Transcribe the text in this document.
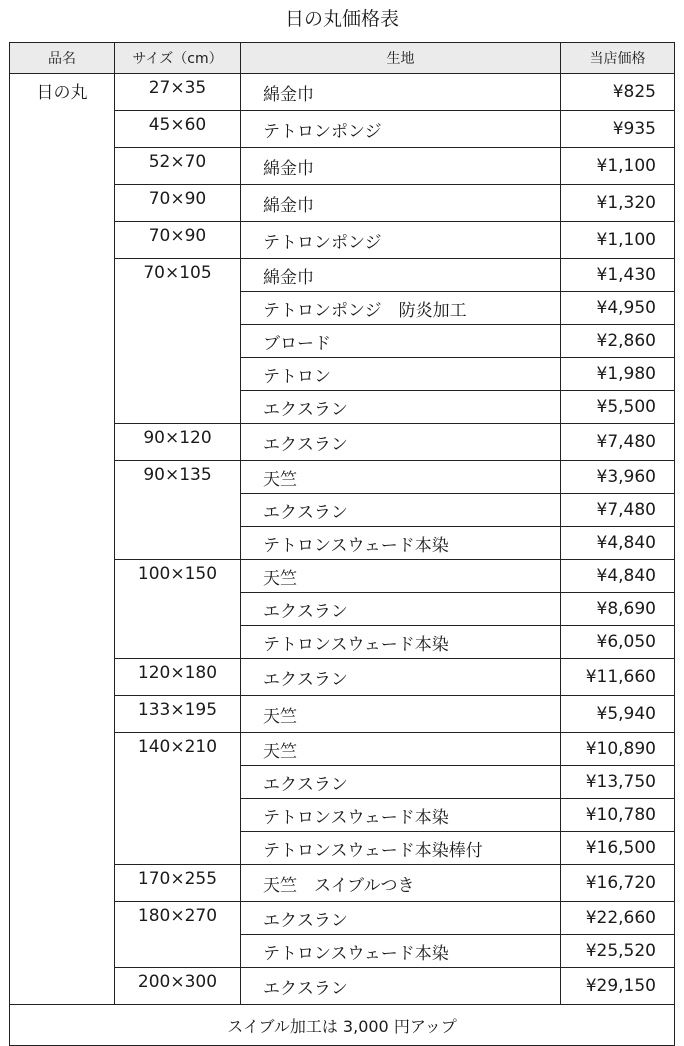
日の丸価格表
品名	サイズ（cm）	生地	当店価格
日の丸	27×35	綿金巾	¥825
	45×60	テトロンポンジ	¥935
	52×70	綿金巾	¥1,100
	70×90	綿金巾	¥1,320
	70×90	テトロンポンジ	¥1,100
	70×105	綿金巾	¥1,430
		テトロンポンジ　防炎加工	¥4,950
		ブロード	¥2,860
		テトロン	¥1,980
		エクスラン	¥5,500
	90×120	エクスラン	¥7,480
	90×135	天竺	¥3,960
		エクスラン	¥7,480
		テトロンスウェード本染	¥4,840
	100×150	天竺	¥4,840
		エクスラン	¥8,690
		テトロンスウェード本染	¥6,050
	120×180	エクスラン	¥11,660
	133×195	天竺	¥5,940
	140×210	天竺	¥10,890
		エクスラン	¥13,750
		テトロンスウェード本染	¥10,780
		テトロンスウェード本染棒付	¥16,500
	170×255	天竺　スイブルつき	¥16,720
	180×270	エクスラン	¥22,660
		テトロンスウェード本染	¥25,520
	200×300	エクスラン	¥29,150
スイブル加工は 3,000 円アップ			
